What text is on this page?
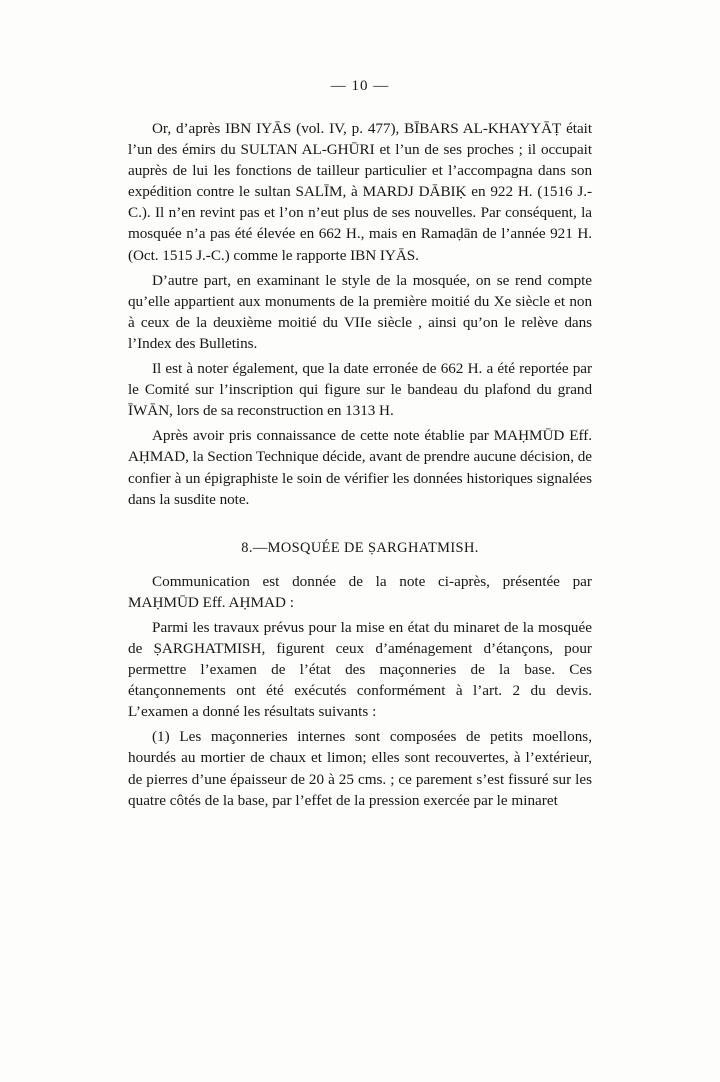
— 10 —

Or, d’après IBN IYĀS (vol. IV, p. 477), BĪBARS AL-KHAYYĀṬ était l’un des émirs du SULTAN AL-GHŪRI et l’un de ses proches ; il occupait auprès de lui les fonctions de tailleur particulier et l’accompagna dans son expédition contre le sultan SALĪM, à MARDJ DĀBIḲ en 922 H. (1516 J.-C.). Il n’en revint pas et l’on n’eut plus de ses nouvelles. Par conséquent, la mosquée n’a pas été élevée en 662 H., mais en Ramaḍān de l’année 921 H. (Oct. 1515 J.-C.) comme le rapporte IBN IYĀS.

D’autre part, en examinant le style de la mosquée, on se rend compte qu’elle appartient aux monuments de la première moitié du Xe siècle et non à ceux de la deuxième moitié du VIIe siècle , ainsi qu’on le relève dans l’Index des Bulletins.

Il est à noter également, que la date erronée de 662 H. a été reportée par le Comité sur l’inscription qui figure sur le bandeau du plafond du grand ĪWĀN, lors de sa reconstruction en 1313 H.

Après avoir pris connaissance de cette note établie par MAḤMŪD Eff. AḤMAD, la Section Technique décide, avant de prendre aucune décision, de confier à un épigraphiste le soin de vérifier les données historiques signalées dans la susdite note.

8.—MOSQUÉE DE ṢARGHATMISH.

Communication est donnée de la note ci-après, présentée par MAḤMŪD Eff. AḤMAD :

Parmi les travaux prévus pour la mise en état du minaret de la mosquée de ṢARGHATMISH, figurent ceux d’aménagement d’étançons, pour permettre l’examen de l’état des maçonneries de la base. Ces étançonnements ont été exécutés conformément à l’art. 2 du devis. L’examen a donné les résultats suivants :

(1) Les maçonneries internes sont composées de petits moellons, hourdés au mortier de chaux et limon; elles sont recouvertes, à l’extérieur, de pierres d’une épaisseur de 20 à 25 cms. ; ce parement s’est fissuré sur les quatre côtés de la base, par l’effet de la pression exercée par le minaret
